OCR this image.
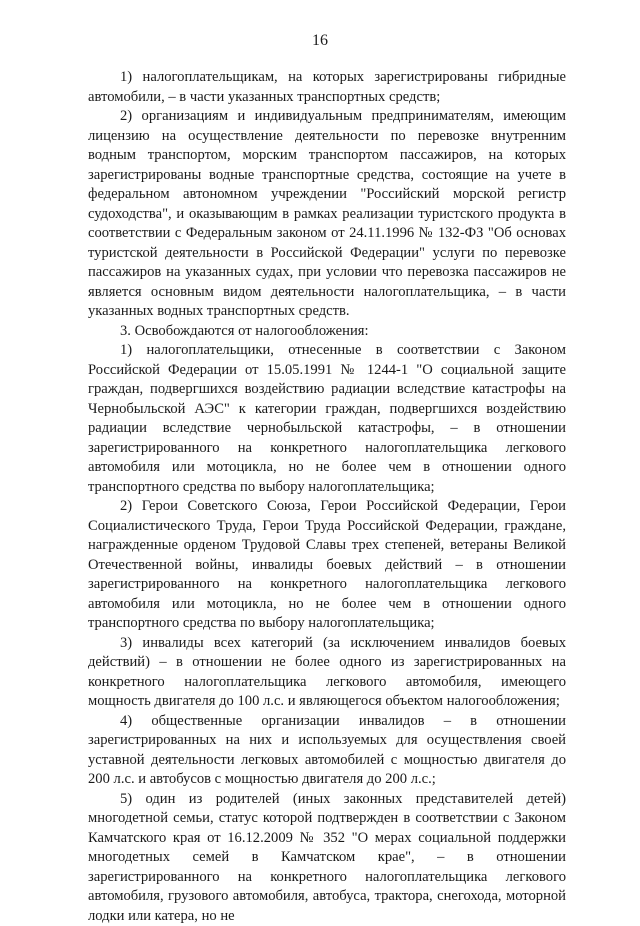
16

1) налогоплательщикам, на которых зарегистрированы гибридные автомобили, – в части указанных транспортных средств;

2) организациям и индивидуальным предпринимателям, имеющим лицензию на осуществление деятельности по перевозке внутренним водным транспортом, морским транспортом пассажиров, на которых зарегистрированы водные транспортные средства, состоящие на учете в федеральном автономном учреждении "Российский морской регистр судоходства", и оказывающим в рамках реализации туристского продукта в соответствии с Федеральным законом от 24.11.1996 № 132-ФЗ "Об основах туристской деятельности в Российской Федерации" услуги по перевозке пассажиров на указанных судах, при условии что перевозка пассажиров не является основным видом деятельности налогоплательщика, – в части указанных водных транспортных средств.

3. Освобождаются от налогообложения:

1) налогоплательщики, отнесенные в соответствии с Законом Российской Федерации от 15.05.1991 № 1244-1 "О социальной защите граждан, подвергшихся воздействию радиации вследствие катастрофы на Чернобыльской АЭС" к категории граждан, подвергшихся воздействию радиации вследствие чернобыльской катастрофы, – в отношении зарегистрированного на конкретного налогоплательщика легкового автомобиля или мотоцикла, но не более чем в отношении одного транспортного средства по выбору налогоплательщика;

2) Герои Советского Союза, Герои Российской Федерации, Герои Социалистического Труда, Герои Труда Российской Федерации, граждане, награжденные орденом Трудовой Славы трех степеней, ветераны Великой Отечественной войны, инвалиды боевых действий – в отношении зарегистрированного на конкретного налогоплательщика легкового автомобиля или мотоцикла, но не более чем в отношении одного транспортного средства по выбору налогоплательщика;

3) инвалиды всех категорий (за исключением инвалидов боевых действий) – в отношении не более одного из зарегистрированных на конкретного налогоплательщика легкового автомобиля, имеющего мощность двигателя до 100 л.с. и являющегося объектом налогообложения;

4) общественные организации инвалидов – в отношении зарегистрированных на них и используемых для осуществления своей уставной деятельности легковых автомобилей с мощностью двигателя до 200 л.с. и автобусов с мощностью двигателя до 200 л.с.;

5) один из родителей (иных законных представителей детей) многодетной семьи, статус которой подтвержден в соответствии с Законом Камчатского края от 16.12.2009 № 352 "О мерах социальной поддержки многодетных семей в Камчатском крае", – в отношении зарегистрированного на конкретного налогоплательщика легкового автомобиля, грузового автомобиля, автобуса, трактора, снегохода, моторной лодки или катера, но не
